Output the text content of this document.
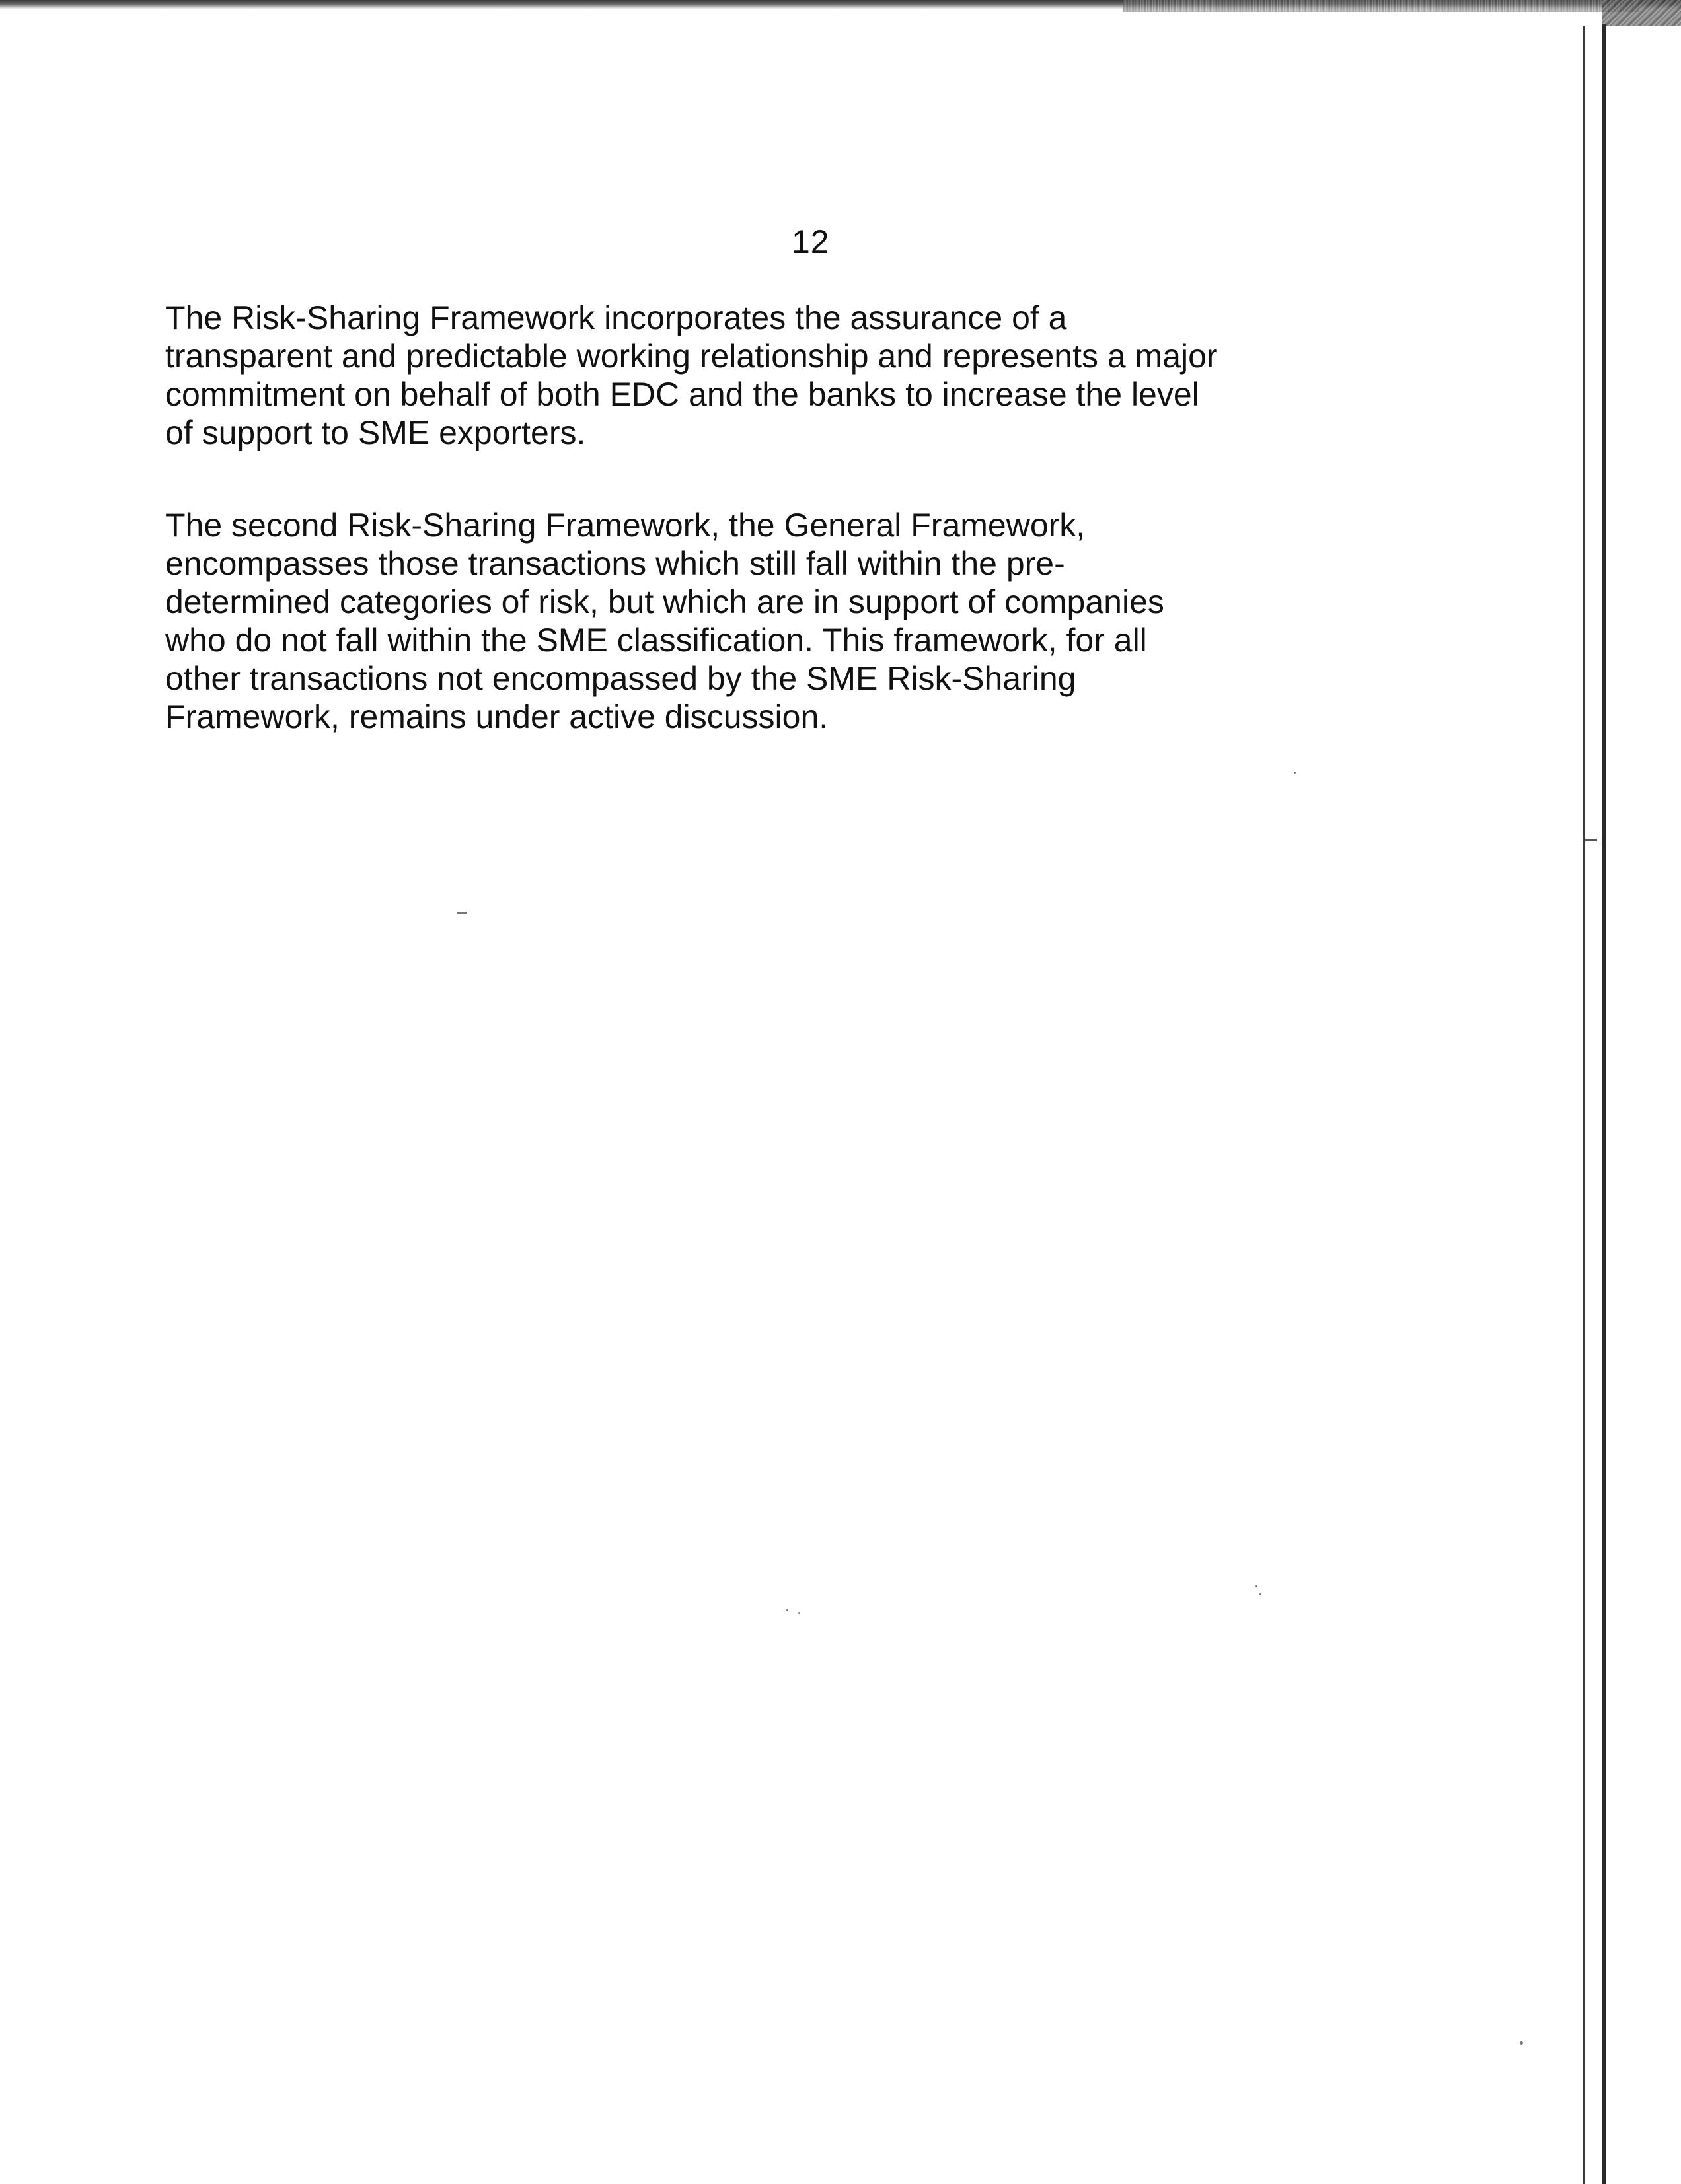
12

The Risk-Sharing Framework incorporates the assurance of a
transparent and predictable working relationship and represents a major
commitment on behalf of both EDC and the banks to increase the level
of support to SME exporters.

The second Risk-Sharing Framework, the General Framework,
encompasses those transactions which still fall within the pre-
determined categories of risk, but which are in support of companies
who do not fall within the SME classification. This framework, for all
other transactions not encompassed by the SME Risk-Sharing
Framework, remains under active discussion.
